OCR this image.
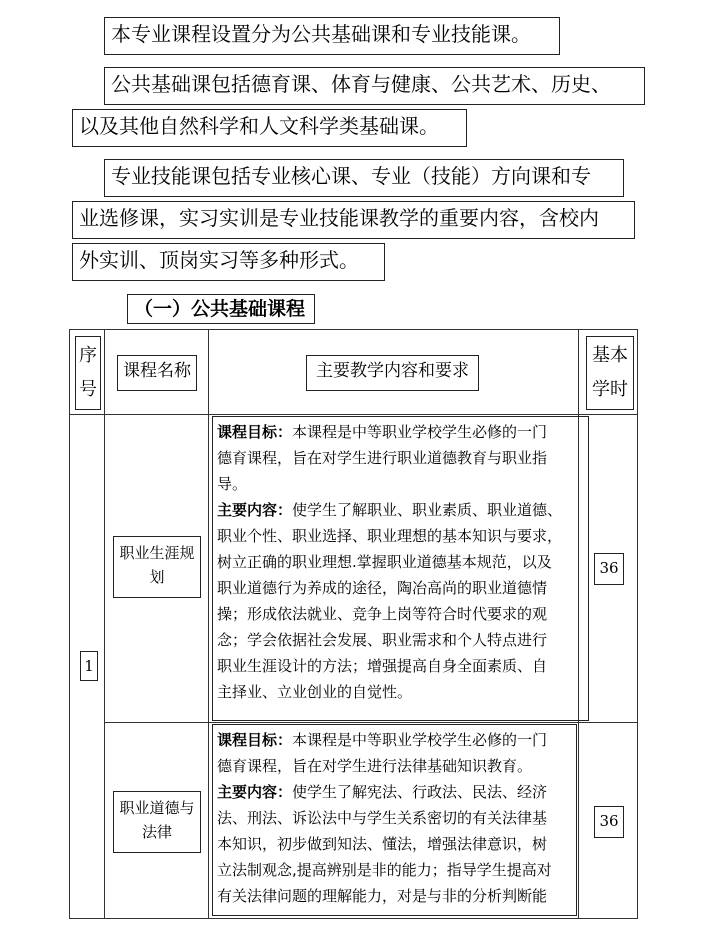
本专业课程设置分为公共基础课和专业技能课。
公共基础课包括德育课、体育与健康、公共艺术、历史、
以及其他自然科学和人文科学类基础课。
专业技能课包括专业核心课、专业（技能）方向课和专
业选修课，实习实训是专业技能课教学的重要内容，含校内
外实训、顶岗实习等多种形式。
（一）公共基础课程
序
号
课程名称	主要教学内容和要求
基本
学时
1
职业生涯规
划
课程目标：本课程是中等职业学校学生必修的一门
德育课程，旨在对学生进行职业道德教育与职业指
导。
主要内容：使学生了解职业、职业素质、职业道德、
职业个性、职业选择、职业理想的基本知识与要求，
树立正确的职业理想.掌握职业道德基本规范，以及
职业道德行为养成的途径，陶冶高尚的职业道德情
操；形成依法就业、竞争上岗等符合时代要求的观
念；学会依据社会发展、职业需求和个人特点进行
职业生涯设计的方法；增强提高自身全面素质、自
主择业、立业创业的自觉性。
36
职业道德与
法律
课程目标：本课程是中等职业学校学生必修的一门
德育课程，旨在对学生进行法律基础知识教育。
主要内容：使学生了解宪法、行政法、民法、经济
法、刑法、诉讼法中与学生关系密切的有关法律基
本知识，初步做到知法、懂法，增强法律意识，树
立法制观念,提高辨别是非的能力；指导学生提高对
有关法律问题的理解能力，对是与非的分析判断能
36
